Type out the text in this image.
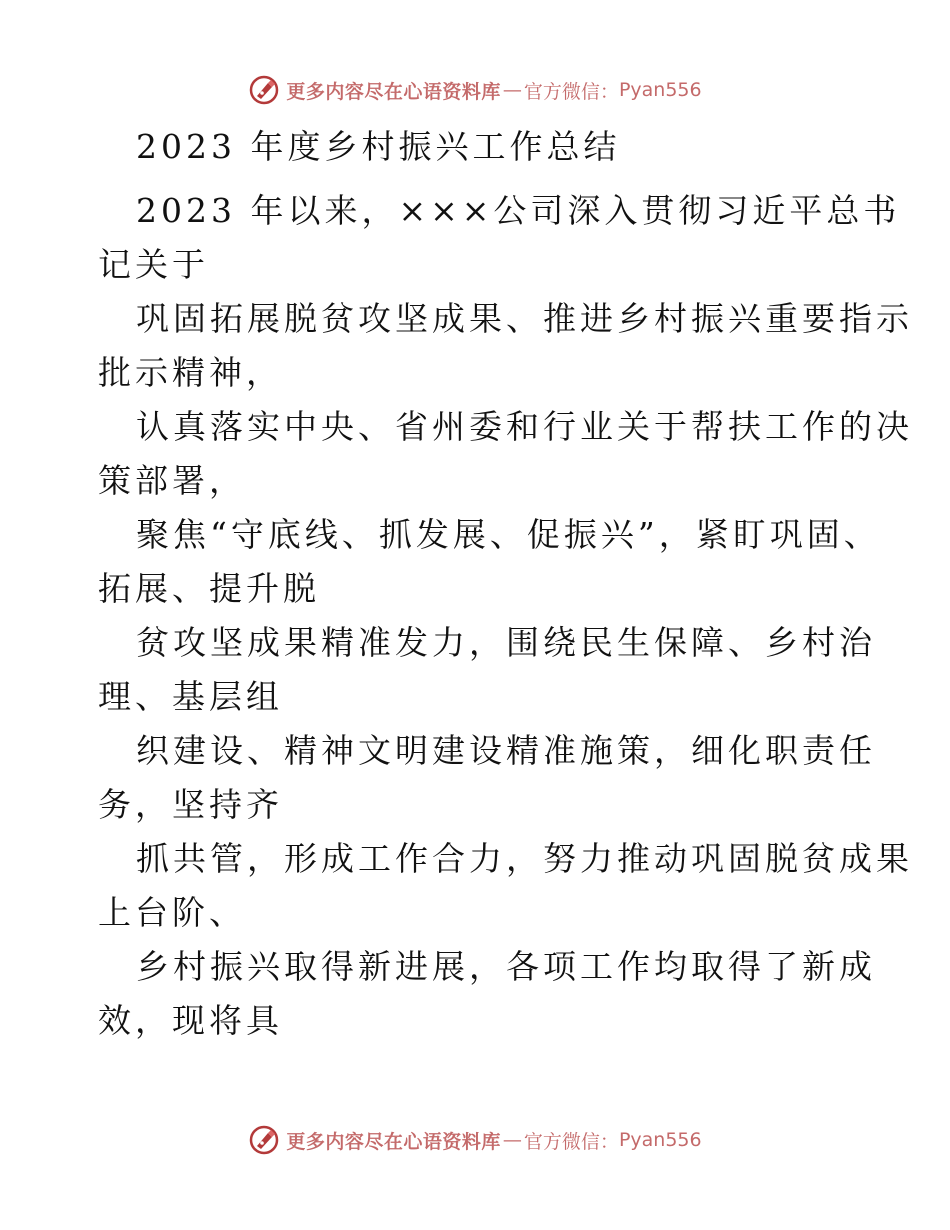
更多内容尽在心语资料库 — 官方微信： Pyan556
2023 年度乡村振兴工作总结
2023 年以来，×××公司深入贯彻习近平总书
记关于
巩固拓展脱贫攻坚成果、推进乡村振兴重要指示
批示精神，
认真落实中央、省州委和行业关于帮扶工作的决
策部署，
聚焦“守底线、抓发展、促振兴”，紧盯巩固、
拓展、提升脱
贫攻坚成果精准发力，围绕民生保障、乡村治
理、基层组
织建设、精神文明建设精准施策，细化职责任
务，坚持齐
抓共管，形成工作合力，努力推动巩固脱贫成果
上台阶、
乡村振兴取得新进展，各项工作均取得了新成
效，现将具
更多内容尽在心语资料库 — 官方微信： Pyan556
